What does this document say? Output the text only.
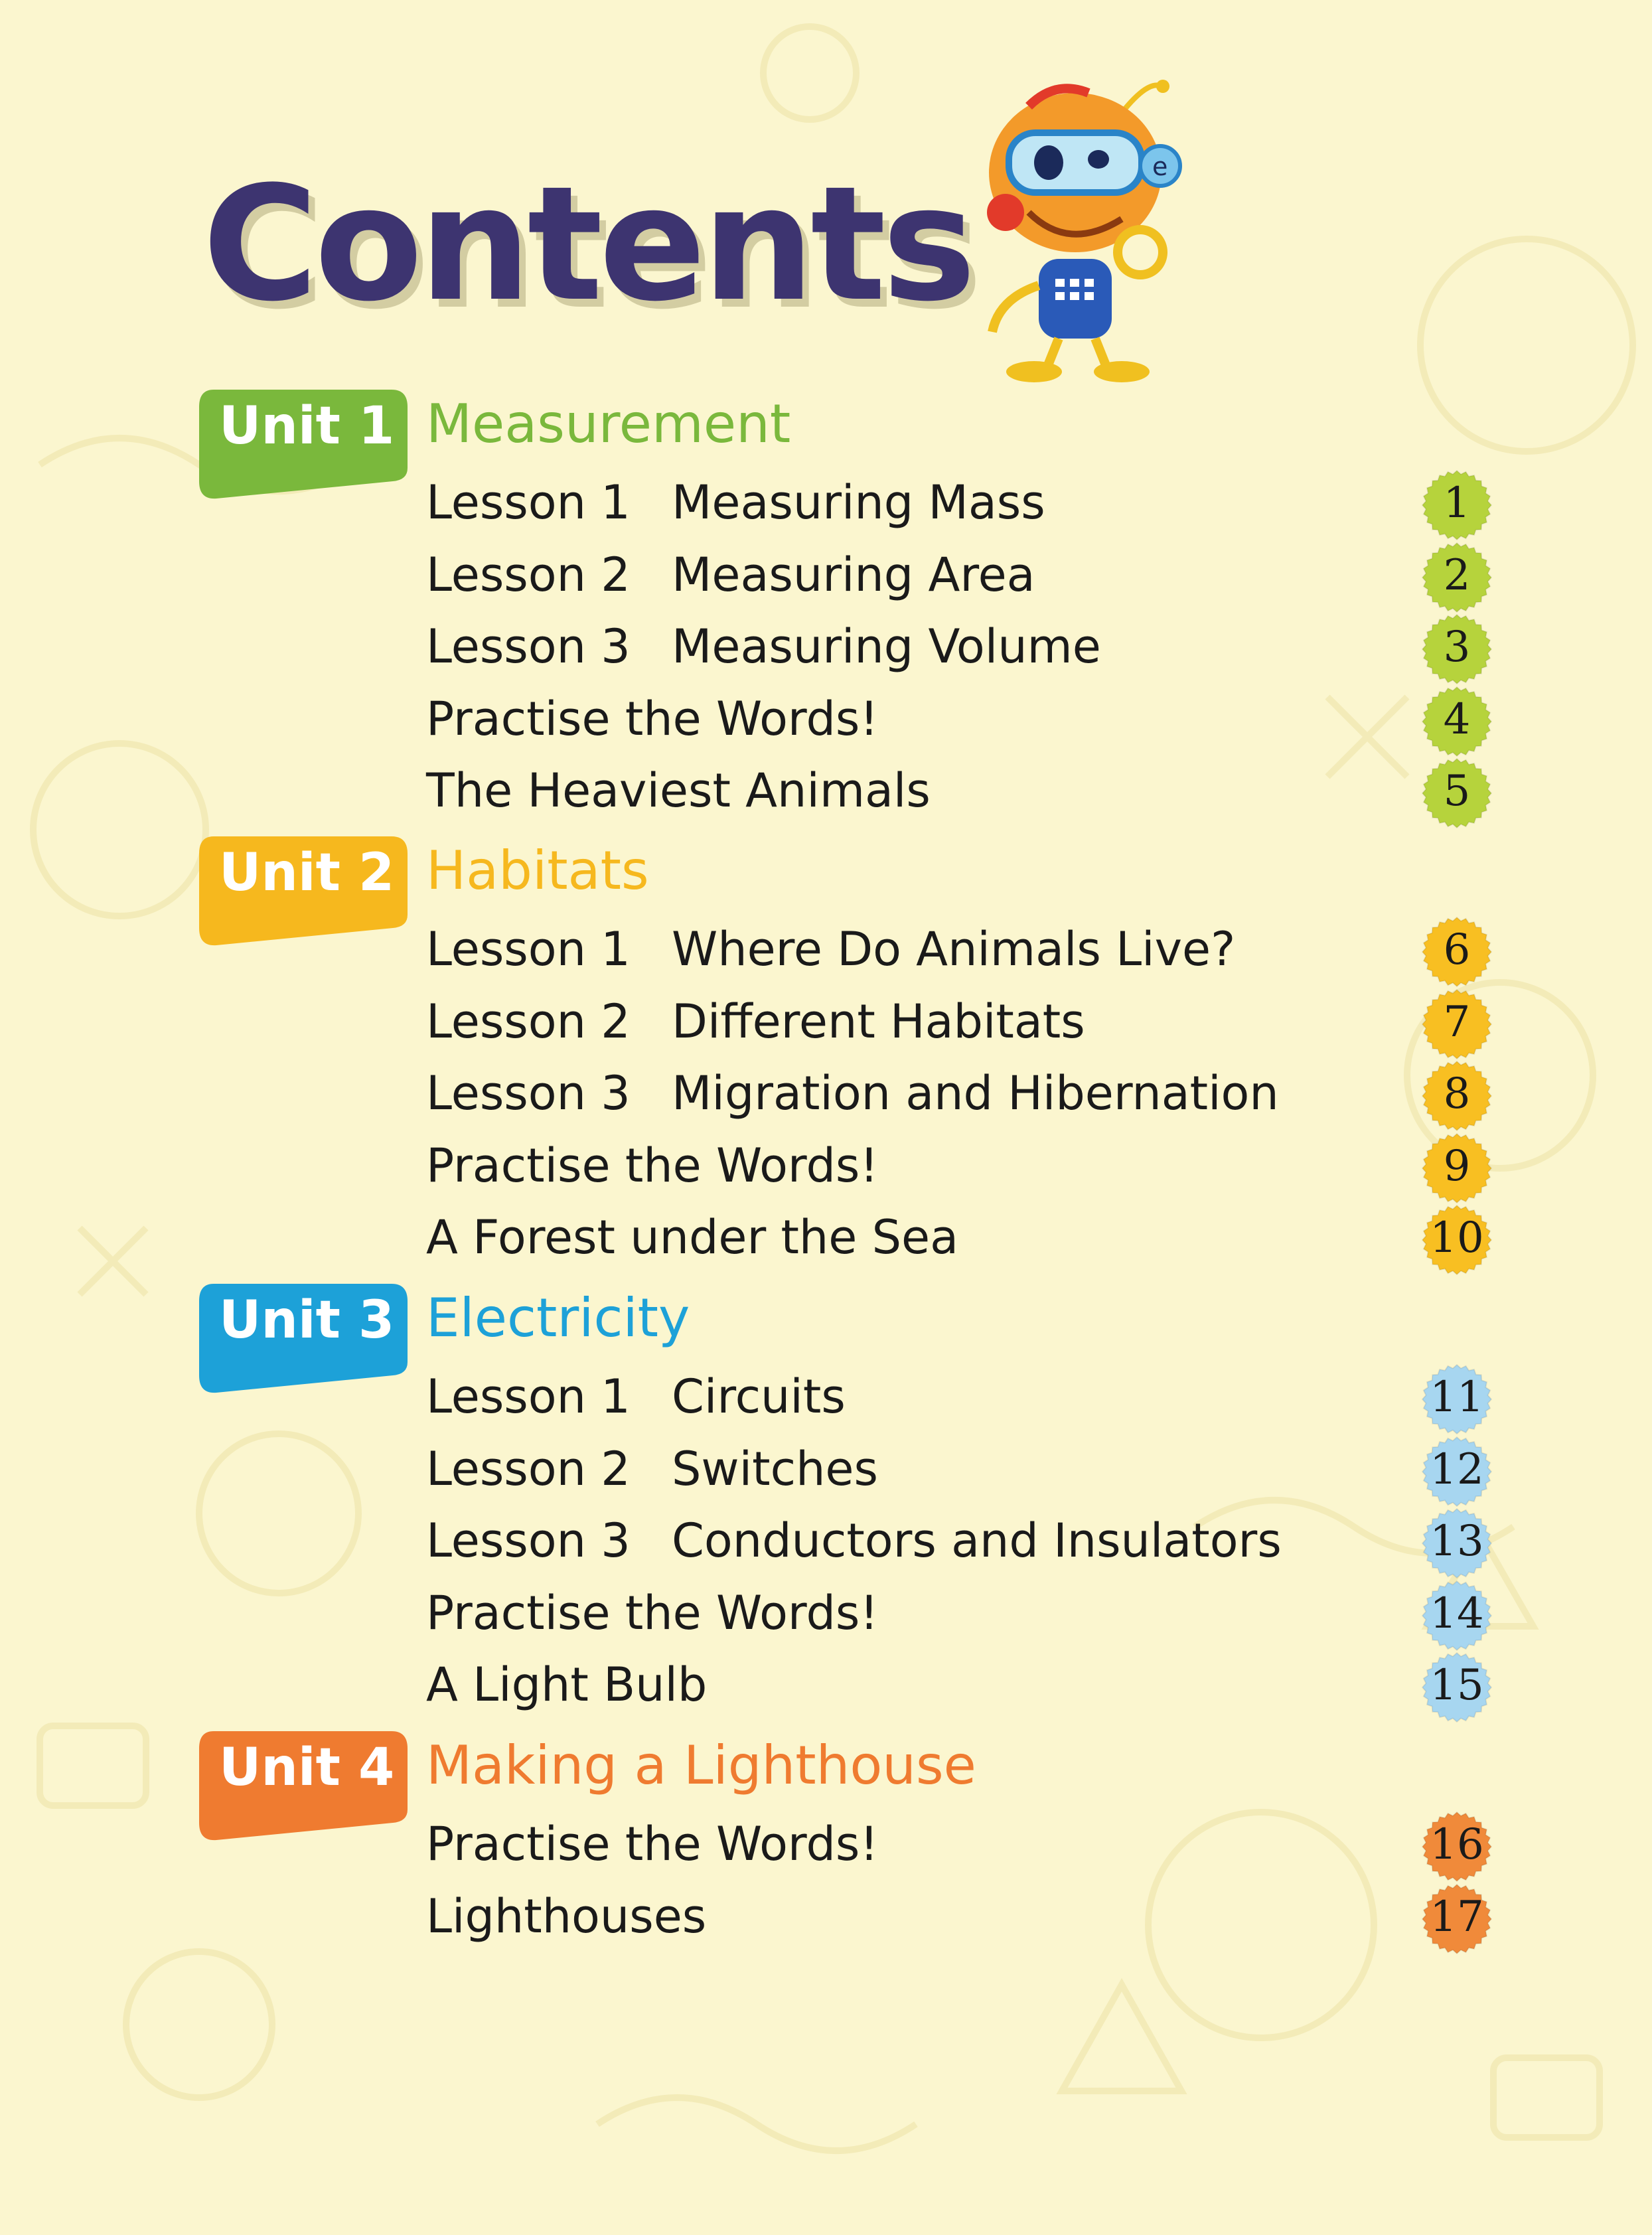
Contents	e
Unit 1 Measurement
Lesson 1 Measuring Mass	1
Lesson 2 Measuring Area	2
Lesson 3 Measuring Volume	3
Practise the Words!	4
The Heaviest Animals	5
Unit 2 Habitats
Lesson 1 Where Do Animals Live?	6
Lesson 2 Different Habitats	7
Lesson 3 Migration and Hibernation	8
Practise the Words!	9
A Forest under the Sea	10
Unit 3 Electricity
Lesson 1 Circuits	11
Lesson 2 Switches	12
Lesson 3 Conductors and Insulators	13
Practise the Words!	14
A Light Bulb	15
Unit 4 Making a Lighthouse
Practise the Words!	16
Lighthouses	17
